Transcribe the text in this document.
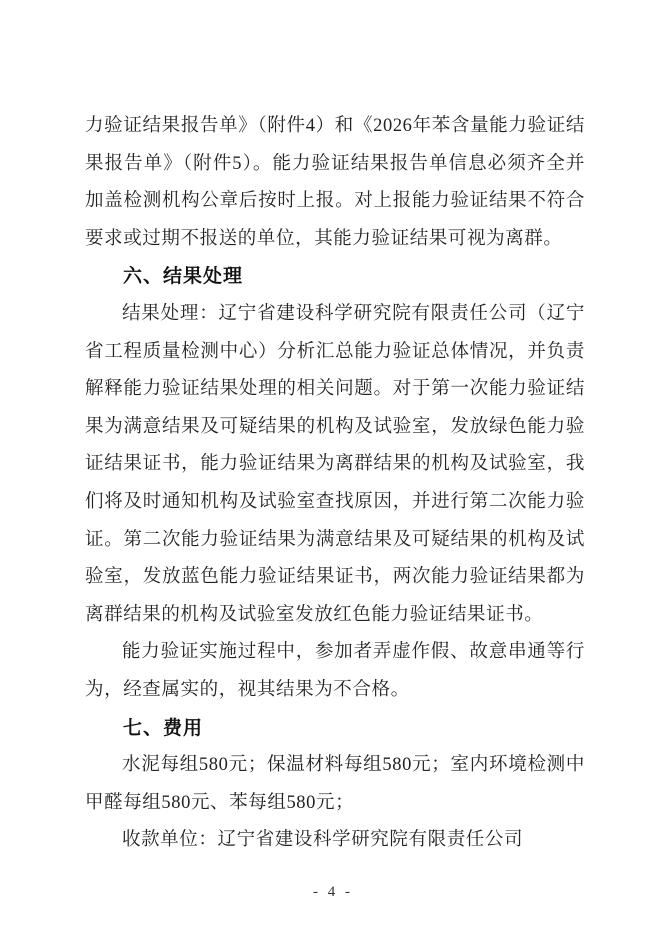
力验证结果报告单》（附件4）和《2026年苯含量能力验证结果报告单》（附件5）。能力验证结果报告单信息必须齐全并加盖检测机构公章后按时上报。对上报能力验证结果不符合要求或过期不报送的单位，其能力验证结果可视为离群。

六、结果处理

结果处理：辽宁省建设科学研究院有限责任公司（辽宁省工程质量检测中心）分析汇总能力验证总体情况，并负责解释能力验证结果处理的相关问题。对于第一次能力验证结果为满意结果及可疑结果的机构及试验室，发放绿色能力验证结果证书，能力验证结果为离群结果的机构及试验室，我们将及时通知机构及试验室查找原因，并进行第二次能力验证。第二次能力验证结果为满意结果及可疑结果的机构及试验室，发放蓝色能力验证结果证书，两次能力验证结果都为离群结果的机构及试验室发放红色能力验证结果证书。

能力验证实施过程中，参加者弄虚作假、故意串通等行为，经查属实的，视其结果为不合格。

七、费用

水泥每组580元；保温材料每组580元；室内环境检测中甲醛每组580元、苯每组580元；

收款单位：辽宁省建设科学研究院有限责任公司

- 4 -
